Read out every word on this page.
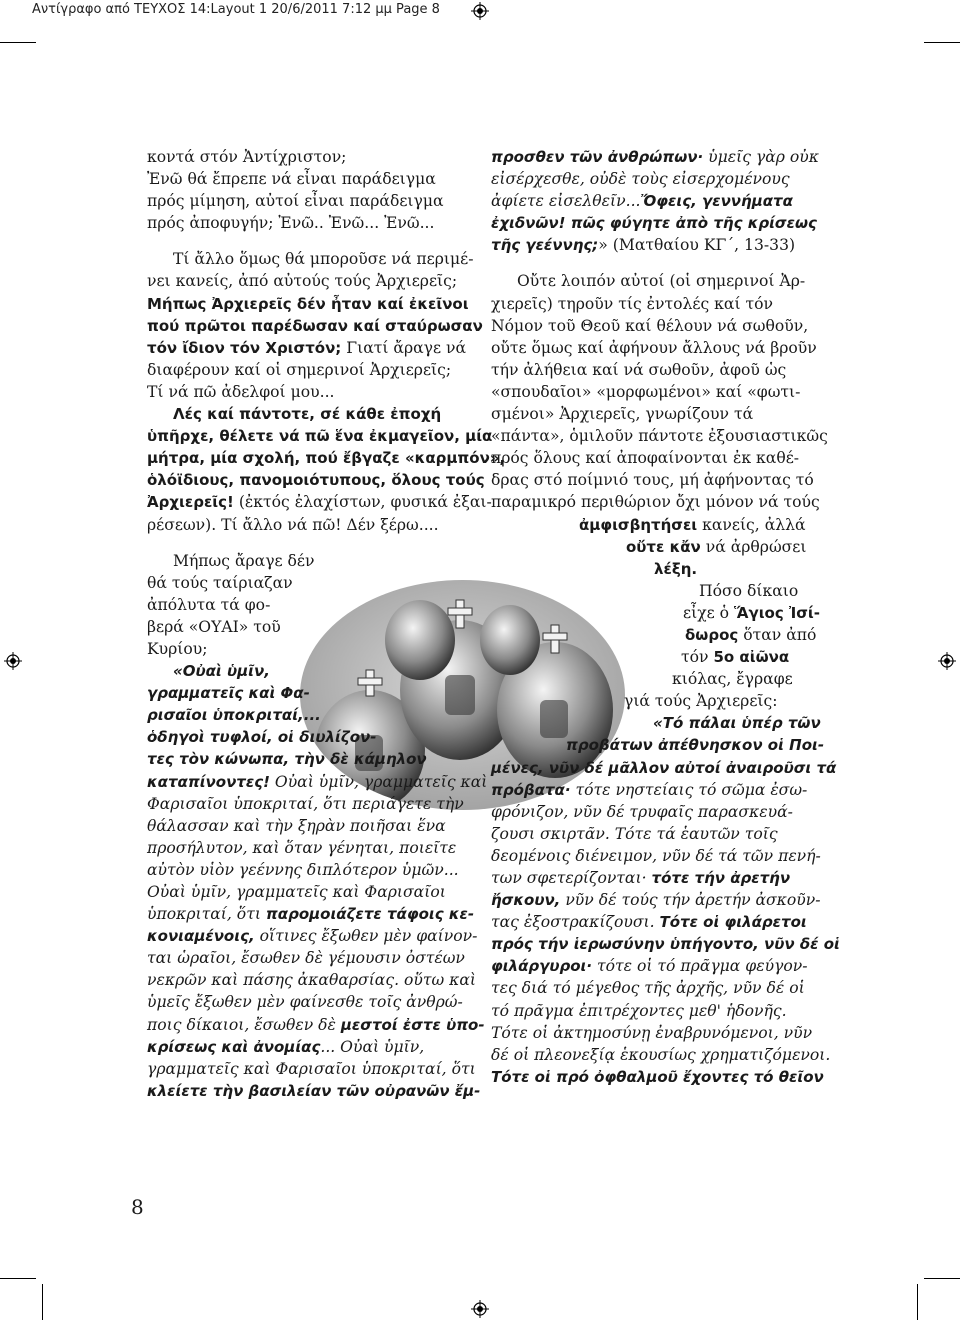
Αντίγραφο από ΤΕΥΧΟΣ 14:Layout 1 20/6/2011 7:12 μμ Page 8
κοντά στόν Ἀντίχριστον;
Ἐνῶ θά ἔπρεπε νά εἶναι παράδειγμα
πρός μίμηση, αὐτοί εἶναι παράδειγμα
πρός ἀποφυγήν; Ἐνῶ.. Ἐνῶ... Ἐνῶ...
Τί ἄλλο ὅμως θά μποροῦσε νά περιμέ-
νει κανείς, ἀπό αὐτούς τούς Ἀρχιερεῖς;
Μήπως Ἀρχιερεῖς δέν ἦταν καί ἐκεῖνοι
πού πρῶτοι παρέδωσαν καί σταύρωσαν
τόν ἴδιον τόν Χριστόν; Γιατί ἄραγε νά
διαφέρουν καί οἱ σημερινοί Ἀρχιερεῖς;
Τί νά πῶ ἀδελφοί μου...
Λές καί πάντοτε, σέ κάθε ἐποχή
ὑπῆρχε, θέλετε νά πῶ ἕνα ἐκμαγεῖον, μία
μήτρα, μία σχολή, πού ἔβγαζε «καρμπόν»,
ὁλόϊδιους, πανομοιότυπους, ὅλους τούς
Ἀρχιερεῖς! (ἐκτός ἐλαχίστων, φυσικά ἐξαι-
ρέσεων). Τί ἄλλο νά πῶ! Δέν ξέρω....
Μήπως ἄραγε δέν
θά τούς ταίριαζαν
ἀπόλυτα τά φο-
βερά «ΟΥΑΙ» τοῦ
Κυρίου;
«Οὐαὶ ὑμῖν,
γραμματεῖς καὶ Φα-
ρισαῖοι ὑποκριταί,...
ὁδηγοὶ τυφλοί, οἱ διυλίζον-
τες τὸν κώνωπα, τὴν δὲ κάμηλον
καταπίνοντες! Οὐαὶ ὑμῖν, γραμματεῖς καὶ
Φαρισαῖοι ὑποκριταί, ὅτι περιάγετε τὴν
θάλασσαν καὶ τὴν ξηρὰν ποιῆσαι ἕνα
προσήλυτον, καὶ ὅταν γένηται, ποιεῖτε
αὐτὸν υἱὸν γεέννης διπλότερον ὑμῶν...
Οὐαὶ ὑμῖν, γραμματεῖς καὶ Φαρισαῖοι
ὑποκριταί, ὅτι παρομοιάζετε τάφοις κε-
κονιαμένοις, οἵτινες ἔξωθεν μὲν φαίνον-
ται ὡραῖοι, ἔσωθεν δὲ γέμουσιν ὀστέων
νεκρῶν καὶ πάσης ἀκαθαρσίας. οὕτω καὶ
ὑμεῖς ἔξωθεν μὲν φαίνεσθε τοῖς ἀνθρώ-
ποις δίκαιοι, ἔσωθεν δὲ μεστοί ἐστε ὑπο-
κρίσεως καὶ ἀνομίας... Οὐαὶ ὑμῖν,
γραμματεῖς καὶ Φαρισαῖοι ὑποκριταί, ὅτι
κλείετε τὴν βασιλείαν τῶν οὐρανῶν ἔμ-
προσθεν τῶν ἀνθρώπων· ὑμεῖς γὰρ οὐκ
εἰσέρχεσθε, οὐδὲ τοὺς εἰσερχομένους
ἀφίετε εἰσελθεῖν...Ὄφεις, γεννήματα
ἐχιδνῶν! πῶς φύγητε ἀπὸ τῆς κρίσεως
τῆς γεέννης;» (Ματθαίου ΚΓ΄, 13-33)
Οὔτε λοιπόν αὐτοί (οἱ σημερινοί Ἀρ-
χιερεῖς) τηροῦν τίς ἐντολές καί τόν
Νόμον τοῦ Θεοῦ καί θέλουν νά σωθοῦν,
οὔτε ὅμως καί ἀφήνουν ἄλλους νά βροῦν
τήν ἀλήθεια καί νά σωθοῦν, ἀφοῦ ὡς
«σπουδαῖοι» «μορφωμένοι» καί «φωτι-
σμένοι» Ἀρχιερεῖς, γνωρίζουν τά
«πάντα», ὁμιλοῦν πάντοτε ἐξουσιαστικῶς
πρός ὅλους καί ἀποφαίνονται ἐκ καθέ-
δρας στό ποίμνιό τους, μή ἀφήνοντας τό
παραμικρό περιθώριον ὄχι μόνον νά τούς
ἀμφισβητήσει κανείς, ἀλλά
οὔτε κἄν νά ἀρθρώσει
λέξη.
Πόσο δίκαιο
εἶχε ὁ Ἅγιος Ἰσί-
δωρος ὅταν ἀπό
τόν 5ο αἰῶνα
κιόλας, ἔγραφε
γιά τούς Ἀρχιερεῖς:
«Τό πάλαι ὑπέρ τῶν
προβάτων ἀπέθνησκον οἱ Ποι-
μένες, νῦν δέ μᾶλλον αὐτοί ἀναιροῦσι τά
πρόβατα· τότε νηστείαις τό σῶμα ἐσω-
φρόνιζον, νῦν δέ τρυφαῖς παρασκευά-
ζουσι σκιρτᾶν. Τότε τά ἑαυτῶν τοῖς
δεομένοις διένειμον, νῦν δέ τά τῶν πενή-
των σφετερίζονται· τότε τήν ἀρετήν
ἤσκουν, νῦν δέ τούς τήν ἀρετήν ἀσκοῦν-
τας ἐξοστρακίζουσι. Τότε οἱ φιλάρετοι
πρός τήν ἱερωσύνην ὑπήγοντο, νῦν δέ οἱ
φιλάργυροι· τότε οἱ τό πρᾶγμα φεύγον-
τες διά τό μέγεθος τῆς ἀρχῆς, νῦν δέ οἱ
τό πρᾶγμα ἐπιτρέχοντες μεθ' ἡδονῆς.
Τότε οἱ ἀκτημοσύνῃ ἐναβρυνόμενοι, νῦν
δέ οἱ πλεονεξίᾳ ἑκουσίως χρηματιζόμενοι.
Τότε οἱ πρό ὀφθαλμοῦ ἔχοντες τό θεῖον
8
